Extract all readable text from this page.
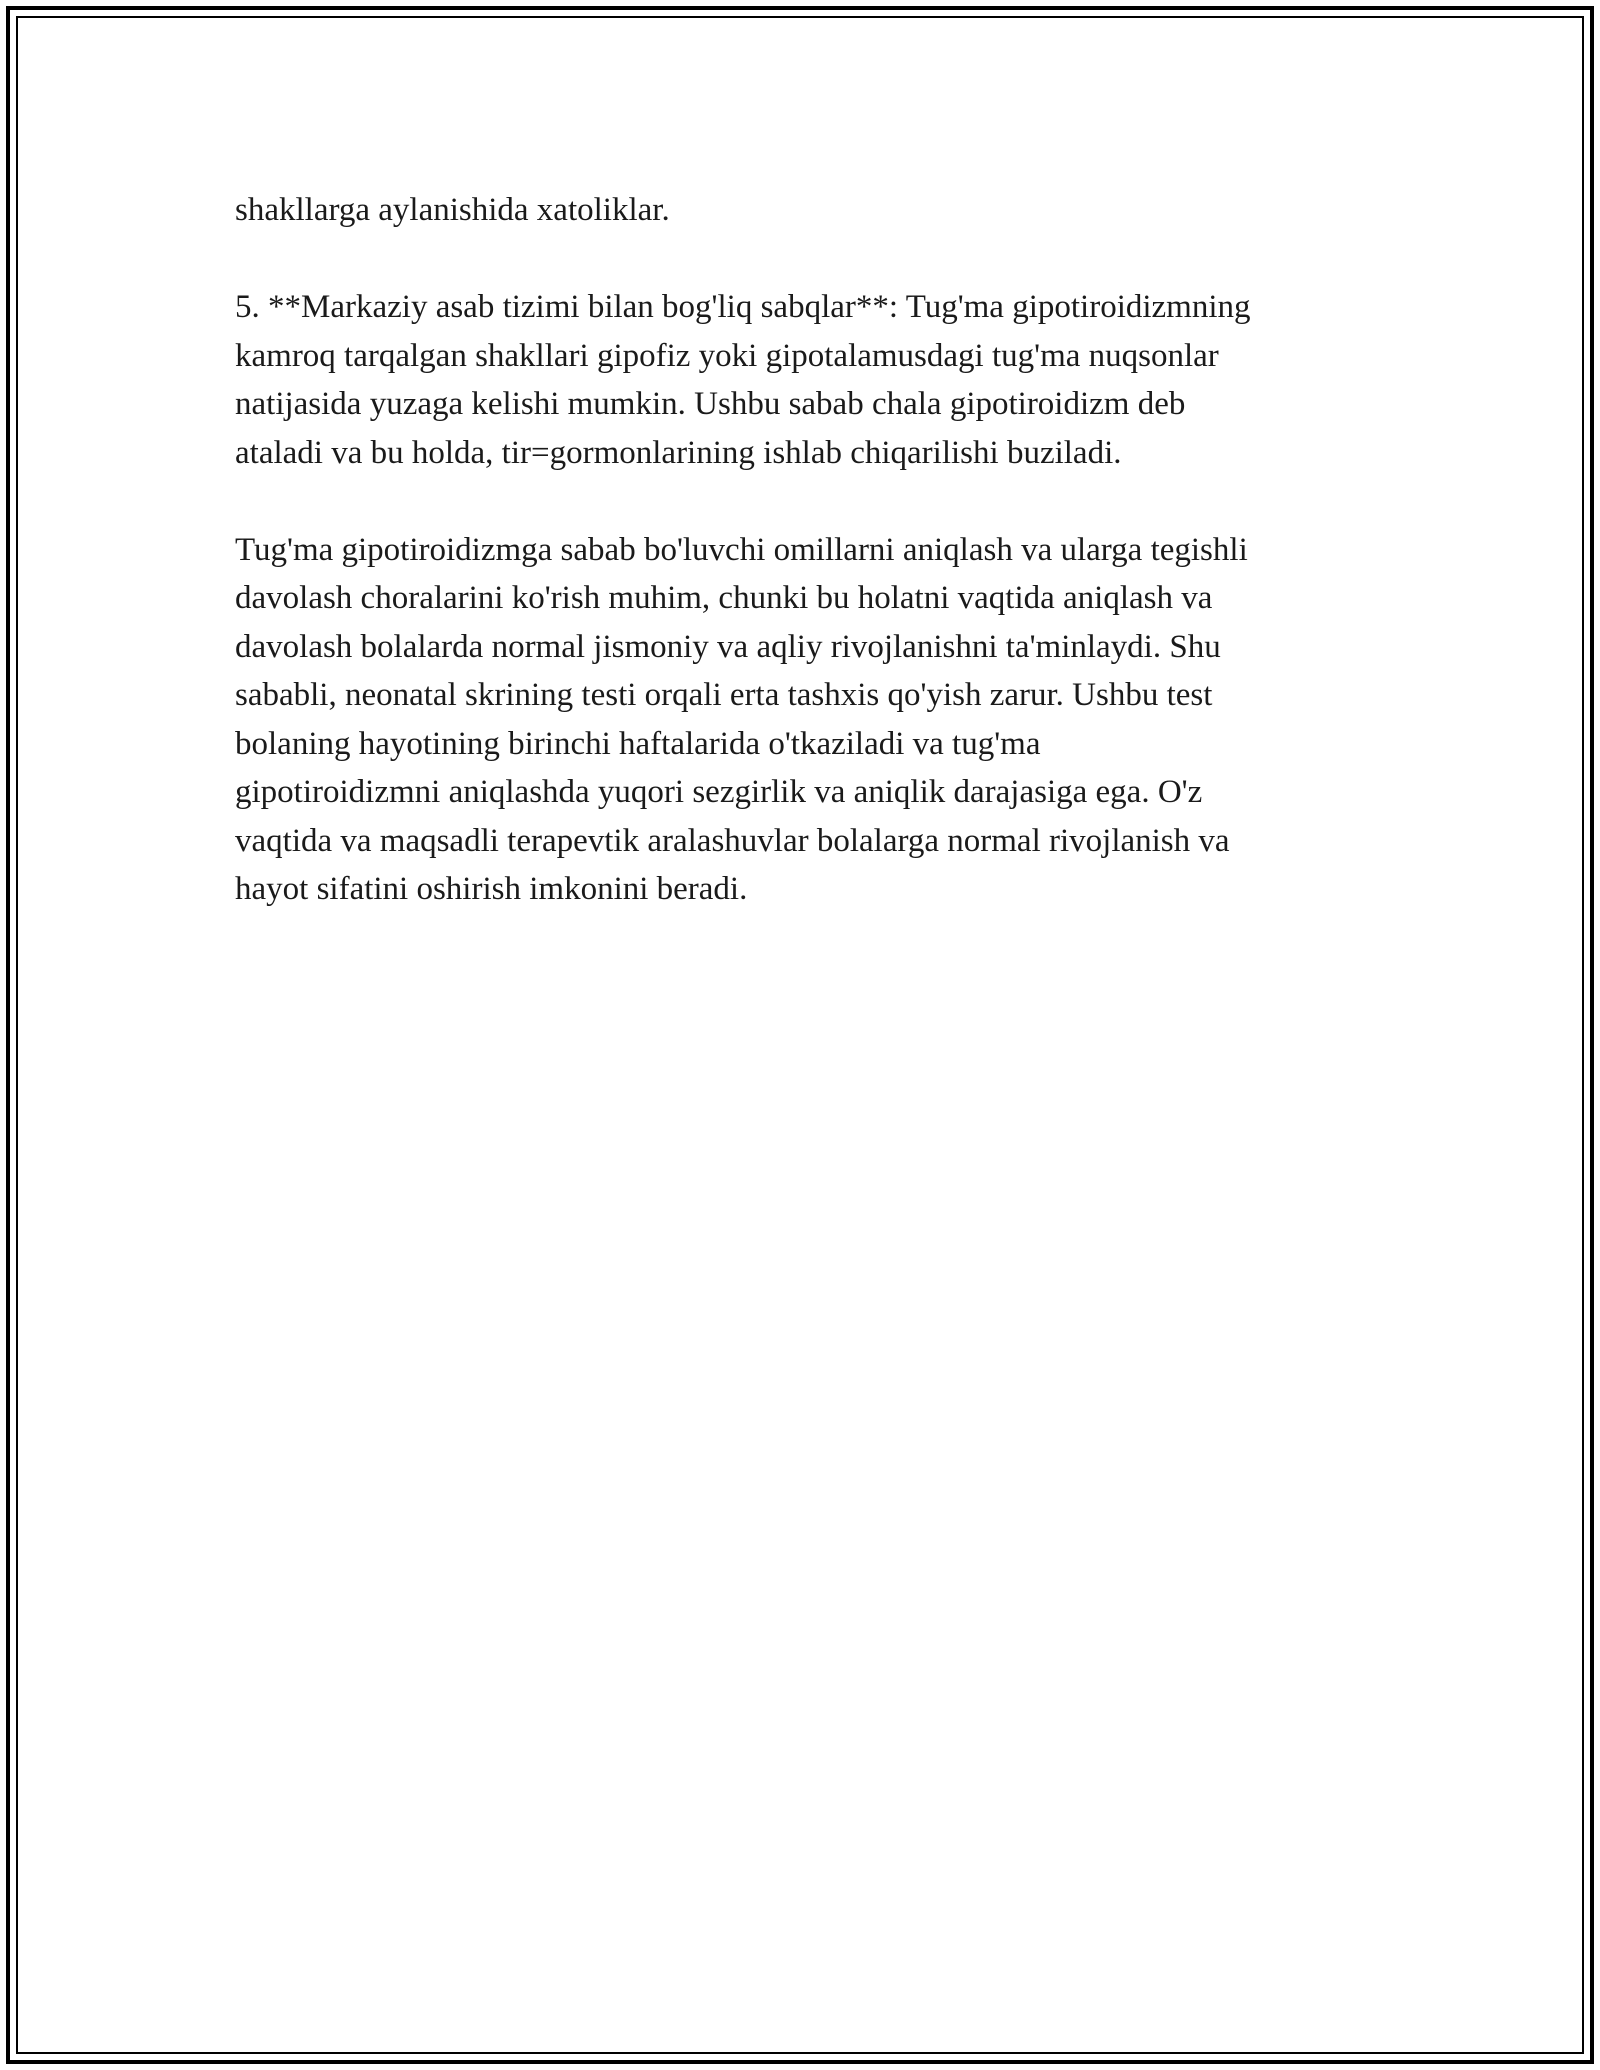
shakllarga aylanishida xatoliklar.

5. **Markaziy asab tizimi bilan bog'liq sabqlar**: Tug'ma gipotiroidizmning
kamroq tarqalgan shakllari gipofiz yoki gipotalamusdagi tug'ma nuqsonlar
natijasida yuzaga kelishi mumkin. Ushbu sabab chala gipotiroidizm deb
ataladi va bu holda, tir=gormonlarining ishlab chiqarilishi buziladi.

Tug'ma gipotiroidizmga sabab bo'luvchi omillarni aniqlash va ularga tegishli
davolash choralarini ko'rish muhim, chunki bu holatni vaqtida aniqlash va
davolash bolalarda normal jismoniy va aqliy rivojlanishni ta'minlaydi. Shu
sababli, neonatal skrining testi orqali erta tashxis qo'yish zarur. Ushbu test
bolaning hayotining birinchi haftalarida o'tkaziladi va tug'ma
gipotiroidizmni aniqlashda yuqori sezgirlik va aniqlik darajasiga ega. O'z
vaqtida va maqsadli terapevtik aralashuvlar bolalarga normal rivojlanish va
hayot sifatini oshirish imkonini beradi.
